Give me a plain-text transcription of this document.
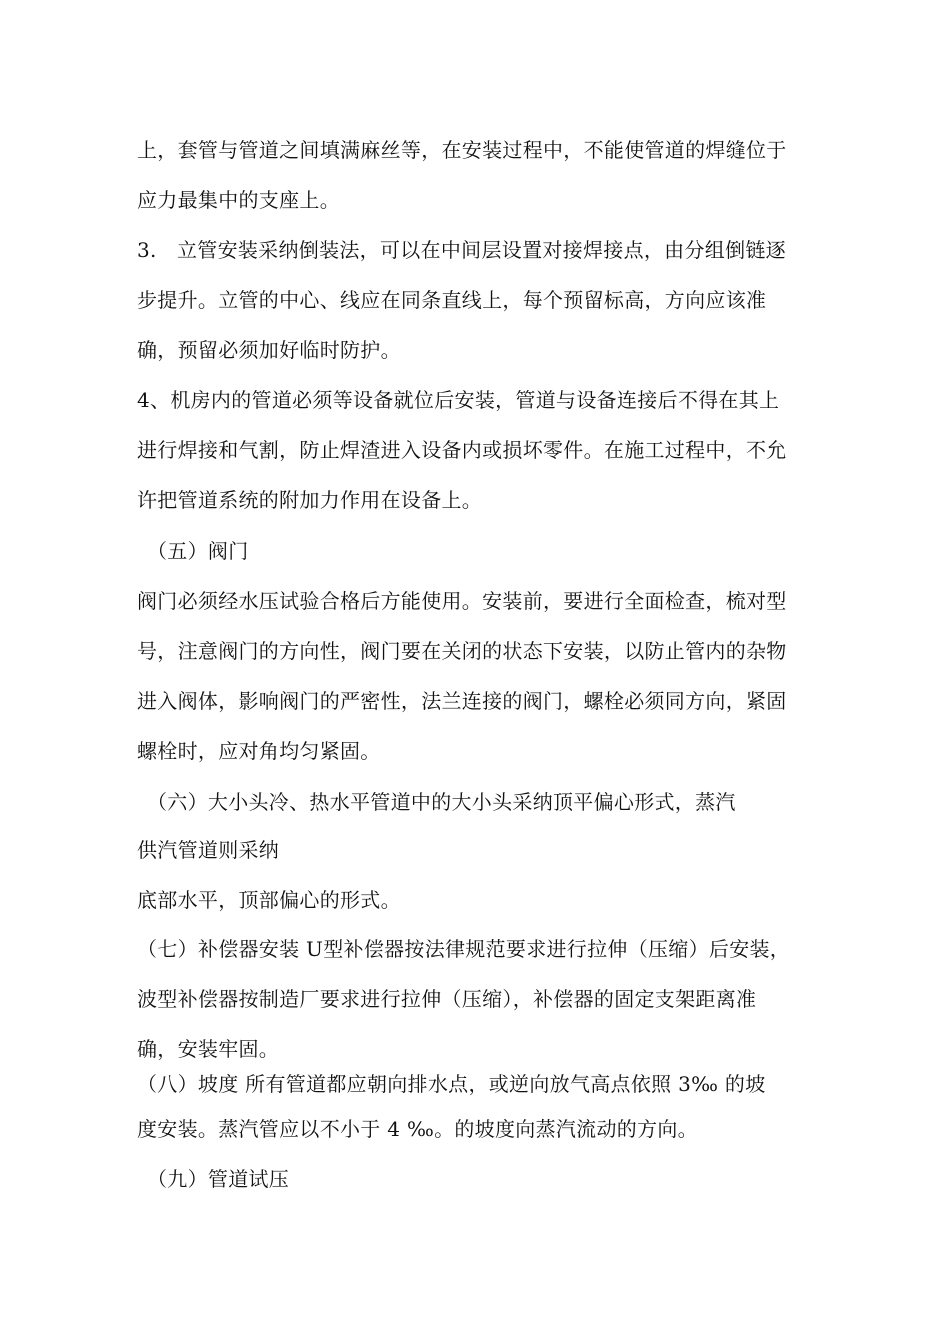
上，套管与管道之间填满麻丝等，在安装过程中，不能使管道的焊缝位于
应力最集中的支座上。
3.　立管安装采纳倒装法，可以在中间层设置对接焊接点，由分组倒链逐
步提升。立管的中心、线应在同条直线上，每个预留标高，方向应该准
确，预留必须加好临时防护。
4、机房内的管道必须等设备就位后安装，管道与设备连接后不得在其上
进行焊接和气割，防止焊渣进入设备内或损坏零件。在施工过程中，不允
许把管道系统的附加力作用在设备上。
（五）阀门
阀门必须经水压试验合格后方能使用。安装前，要进行全面检查，梳对型
号，注意阀门的方向性，阀门要在关闭的状态下安装，以防止管内的杂物
进入阀体，影响阀门的严密性，法兰连接的阀门，螺栓必须同方向，紧固
螺栓时，应对角均匀紧固。
（六）大小头冷、热水平管道中的大小头采纳顶平偏心形式，蒸汽
供汽管道则采纳
底部水平，顶部偏心的形式。
（七）补偿器安装 U型补偿器按法律规范要求进行拉伸（压缩）后安装，
波型补偿器按制造厂要求进行拉伸（压缩），补偿器的固定支架距离准
确，安装牢固。
（八）坡度 所有管道都应朝向排水点，或逆向放气高点依照 3‰ 的坡
度安装。蒸汽管应以不小于 4 ‰。的坡度向蒸汽流动的方向。
（九）管道试压
